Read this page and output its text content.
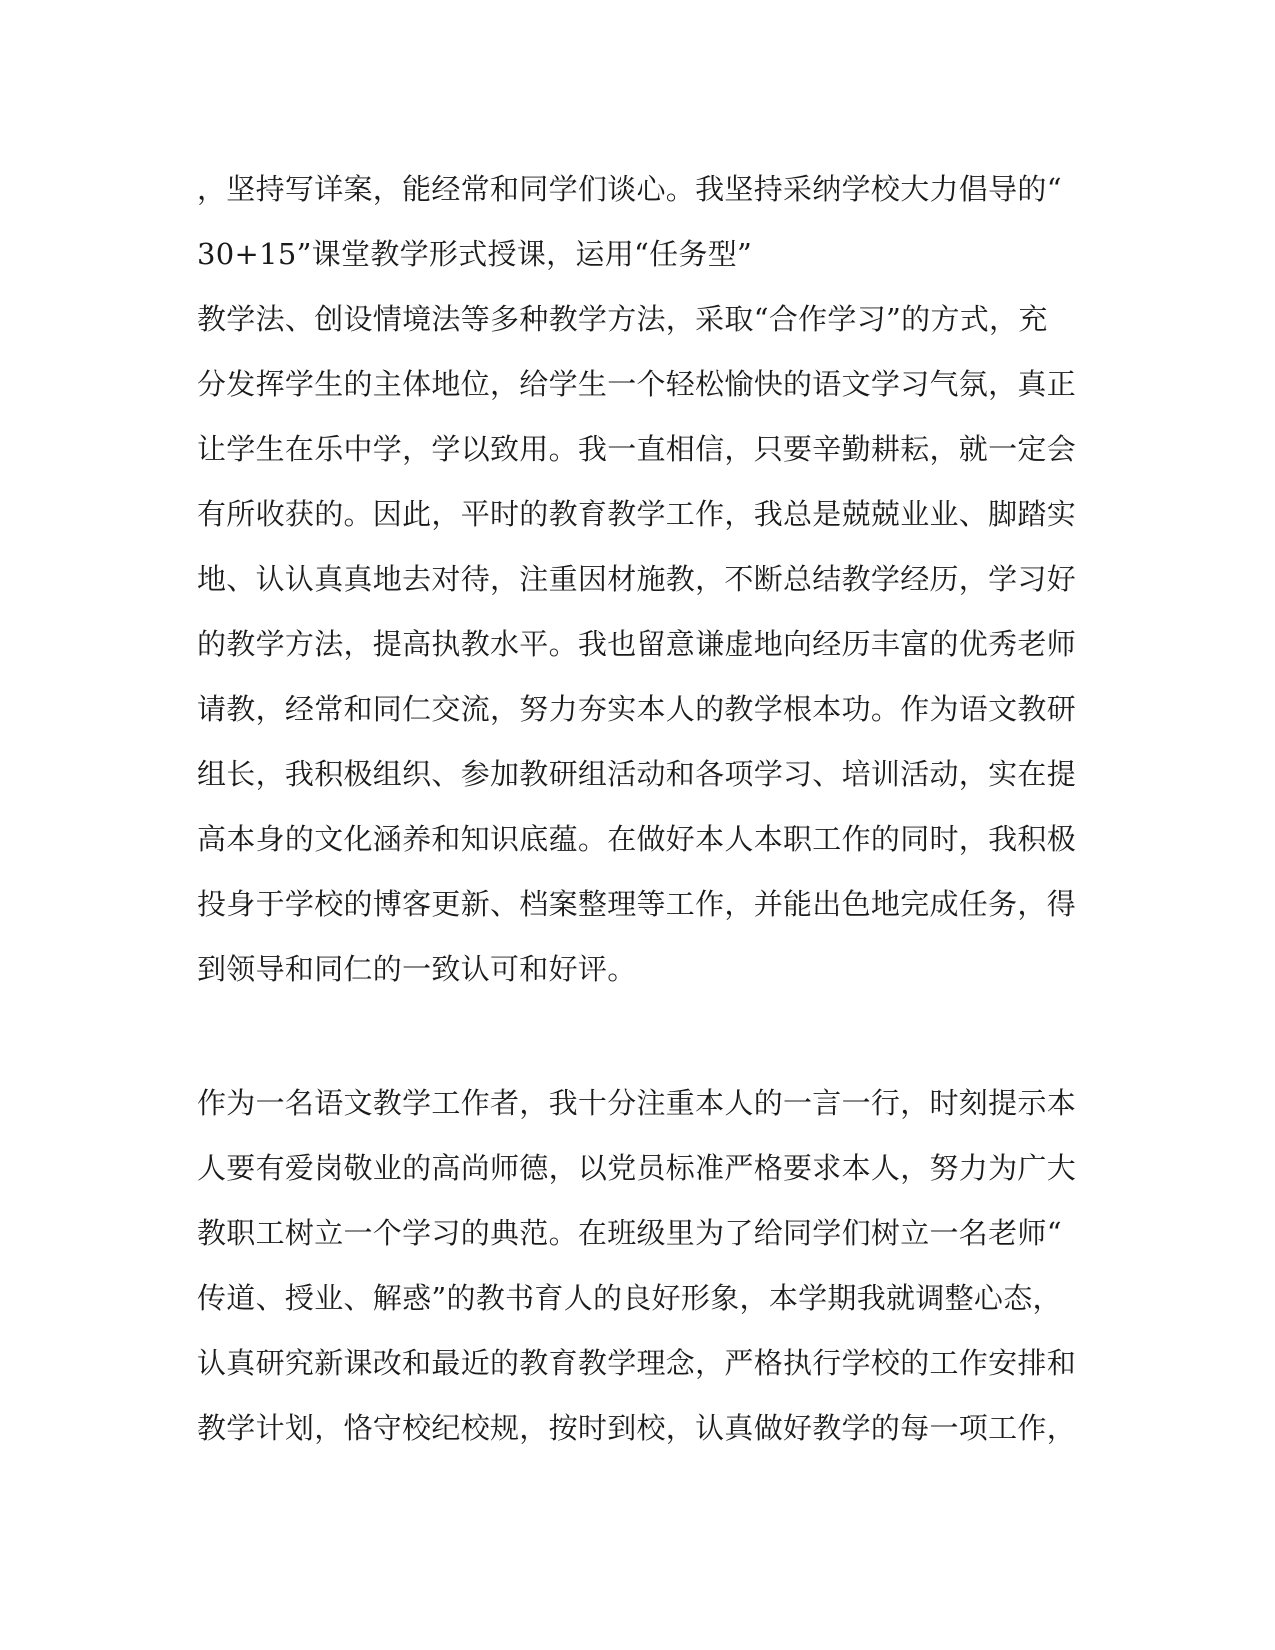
，坚持写详案，能经常和同学们谈心。我坚持采纳学校大力倡导的“
30+15”课堂教学形式授课，运用“任务型”
教学法、创设情境法等多种教学方法，采取“合作学习”的方式，充
分发挥学生的主体地位，给学生一个轻松愉快的语文学习气氛，真正
让学生在乐中学，学以致用。我一直相信，只要辛勤耕耘，就一定会
有所收获的。因此，平时的教育教学工作，我总是兢兢业业、脚踏实
地、认认真真地去对待，注重因材施教，不断总结教学经历，学习好
的教学方法，提高执教水平。我也留意谦虚地向经历丰富的优秀老师
请教，经常和同仁交流，努力夯实本人的教学根本功。作为语文教研
组长，我积极组织、参加教研组活动和各项学习、培训活动，实在提
高本身的文化涵养和知识底蕴。在做好本人本职工作的同时，我积极
投身于学校的博客更新、档案整理等工作，并能出色地完成任务，得
到领导和同仁的一致认可和好评。
作为一名语文教学工作者，我十分注重本人的一言一行，时刻提示本
人要有爱岗敬业的高尚师德，以党员标准严格要求本人，努力为广大
教职工树立一个学习的典范。在班级里为了给同学们树立一名老师“
传道、授业、解惑”的教书育人的良好形象，本学期我就调整心态，
认真研究新课改和最近的教育教学理念，严格执行学校的工作安排和
教学计划，恪守校纪校规，按时到校，认真做好教学的每一项工作，
